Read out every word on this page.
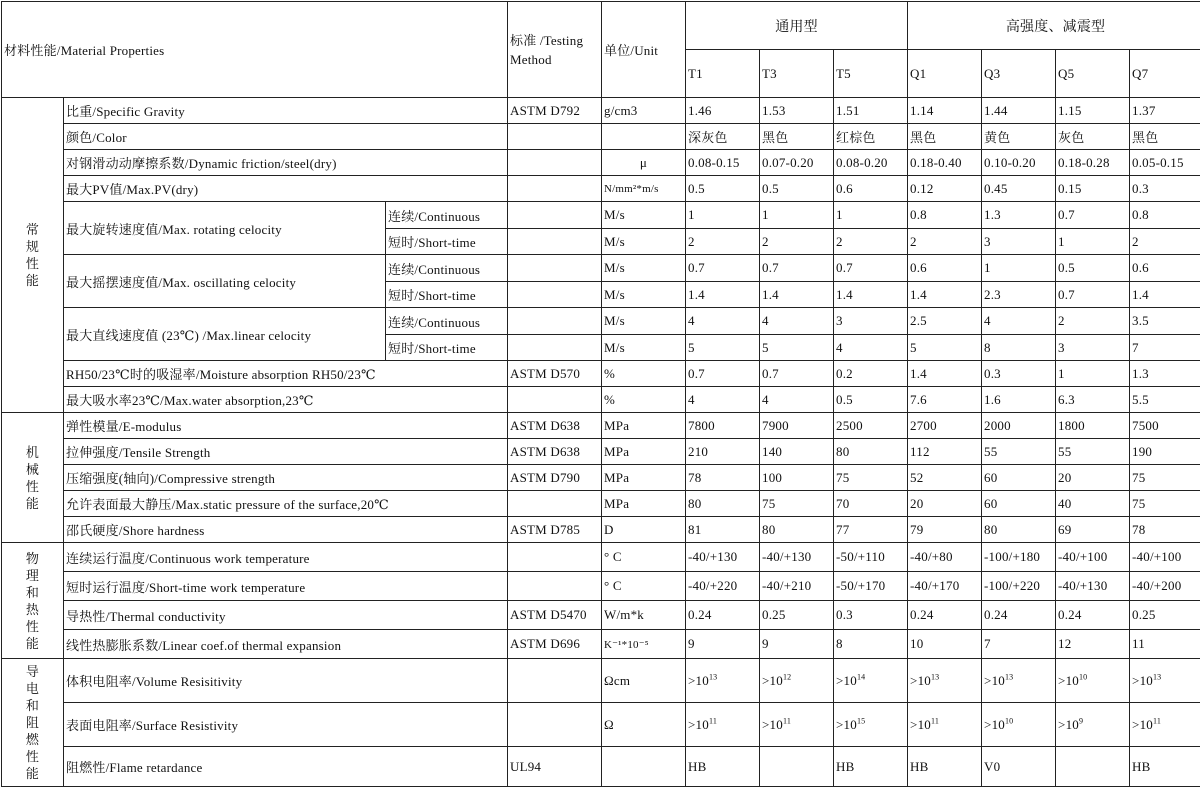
材料性能/Material Properties			标准 /Testing Method	单位/Unit	通用型			高强度、减震型			
					T1	T3	T5	Q1	Q3	Q5	Q7
常规性能	比重/Specific Gravity		ASTM D792	g/cm3	1.46	1.53	1.51	1.14	1.44	1.15	1.37
	颜色/Color				深灰色	黑色	红棕色	黑色	黄色	灰色	黑色
	对钢滑动动摩擦系数/Dynamic friction/steel(dry)			μ	0.08-0.15	0.07-0.20	0.08-0.20	0.18-0.40	0.10-0.20	0.18-0.28	0.05-0.15
	最大PV值/Max.PV(dry)			N/mm²*m/s	0.5	0.5	0.6	0.12	0.45	0.15	0.3
	最大旋转速度值/Max. rotating celocity	连续/Continuous		M/s	1	1	1	0.8	1.3	0.7	0.8
		短时/Short-time		M/s	2	2	2	2	3	1	2
	最大摇摆速度值/Max. oscillating celocity	连续/Continuous		M/s	0.7	0.7	0.7	0.6	1	0.5	0.6
		短时/Short-time		M/s	1.4	1.4	1.4	1.4	2.3	0.7	1.4
	最大直线速度值 (23℃) /Max.linear celocity	连续/Continuous		M/s	4	4	3	2.5	4	2	3.5
		短时/Short-time		M/s	5	5	4	5	8	3	7
	RH50/23℃时的吸湿率/Moisture absorption RH50/23℃		ASTM D570	%	0.7	0.7	0.2	1.4	0.3	1	1.3
	最大吸水率23℃/Max.water absorption,23℃			%	4	4	0.5	7.6	1.6	6.3	5.5
机械性能	弹性模量/E-modulus		ASTM D638	MPa	7800	7900	2500	2700	2000	1800	7500
	拉伸强度/Tensile Strength		ASTM D638	MPa	210	140	80	112	55	55	190
	压缩强度(轴向)/Compressive strength		ASTM D790	MPa	78	100	75	52	60	20	75
	允许表面最大静压/Max.static pressure of the surface,20℃			MPa	80	75	70	20	60	40	75
	邵氏硬度/Shore hardness		ASTM D785	D	81	80	77	79	80	69	78
物理和热性能	连续运行温度/Continuous work temperature			° C	-40/+130	-40/+130	-50/+110	-40/+80	-100/+180	-40/+100	-40/+100
	短时运行温度/Short-time work temperature			° C	-40/+220	-40/+210	-50/+170	-40/+170	-100/+220	-40/+130	-40/+200
	导热性/Thermal conductivity		ASTM D5470	W/m*k	0.24	0.25	0.3	0.24	0.24	0.24	0.25
	线性热膨胀系数/Linear coef.of thermal expansion		ASTM D696	K⁻¹*10⁻⁵	9	9	8	10	7	12	11
导电和阻燃性能	体积电阻率/Volume Resisitivity			Ωcm	$>10^{13}$	$>10^{12}$	$>10^{14}$	$>10^{13}$	$>10^{13}$	$>10^{10}$	$>10^{13}$
	表面电阻率/Surface Resistivity			Ω	$>10^{11}$	$>10^{11}$	$>10^{15}$	$>10^{11}$	$>10^{10}$	$>10^9$	$>10^{11}$
	阻燃性/Flame retardance		UL94		HB		HB	HB	V0		HB
